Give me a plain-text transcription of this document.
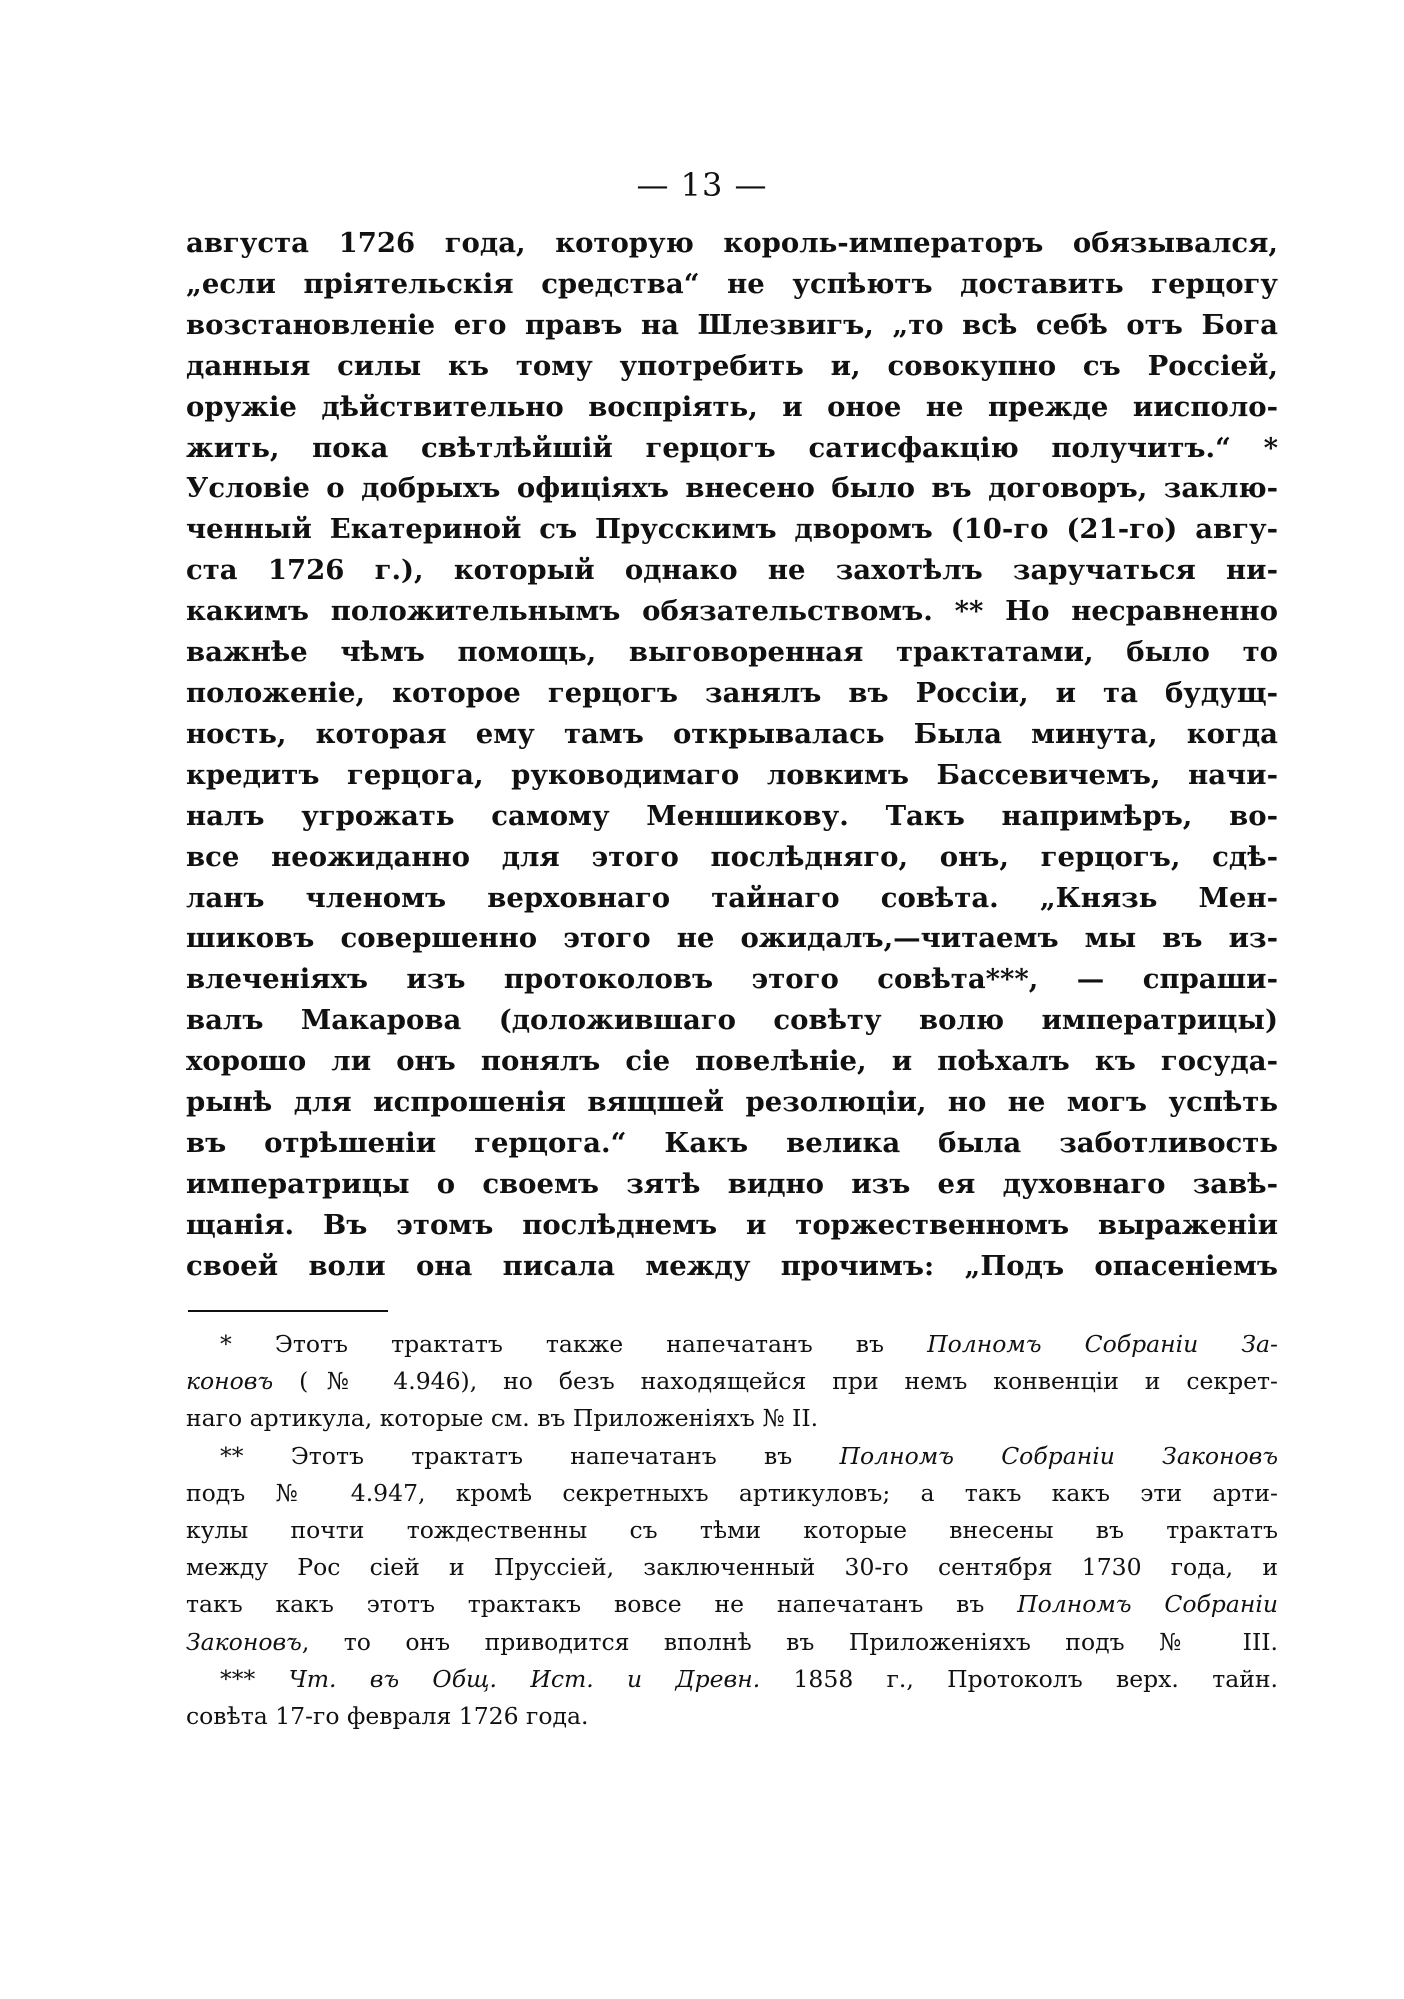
— 13 —
августа 1726 года, которую король-императоръ обязывался,
„если пріятельскія средства“ не успѣютъ доставить герцогу
возстановленіе его правъ на Шлезвигъ, „то всѣ себѣ отъ Бога
данныя силы къ тому употребить и, совокупно съ Россіей,
оружіе дѣйствительно воспріять, и оное не прежде иисполо-
жить, пока свѣтлѣйшій герцогъ сатисфакцію получитъ.“ *
Условіе о добрыхъ офиціяхъ внесено было въ договоръ, заклю-
ченный Екатериной съ Прусскимъ дворомъ (10-го (21-го) авгу-
ста 1726 г.), который однако не захотѣлъ заручаться ни-
какимъ положительнымъ обязательствомъ. ** Но несравненно
важнѣе чѣмъ помощь, выговоренная трактатами, было то
положеніе, которое герцогъ занялъ въ Россіи, и та будущ-
ность, которая ему тамъ открывалась Была минута, когда
кредитъ герцога, руководимаго ловкимъ Бассевичемъ, начи-
налъ угрожать самому Меншикову. Такъ напримѣръ, во-
все неожиданно для этого послѣдняго, онъ, герцогъ, сдѣ-
ланъ членомъ верховнаго тайнаго совѣта. „Князь Мен-
шиковъ совершенно этого не ожидалъ,—читаемъ мы въ из-
влеченіяхъ изъ протоколовъ этого совѣта***, — спраши-
валъ Макарова (доложившаго совѣту волю императрицы)
хорошо ли онъ понялъ сіе повелѣніе, и поѣхалъ къ госуда-
рынѣ для испрошенія вящшей резолюціи, но не могъ успѣть
въ отрѣшеніи герцога.“ Какъ велика была заботливость
императрицы о своемъ зятѣ видно изъ ея духовнаго завѣ-
щанія. Въ этомъ послѣднемъ и торжественномъ выраженіи
своей воли она писала между прочимъ: „Подъ опасеніемъ
* Этотъ трактатъ также напечатанъ въ Полномъ Собраніи За-
коновъ (№ 4.946), но безъ находящейся при немъ конвенціи и секрет-
наго артикула, которые см. въ Приложеніяхъ № II.
** Этотъ трактатъ напечатанъ въ Полномъ Собраніи Законовъ
подъ № 4.947, кромѣ секретныхъ артикуловъ; а такъ какъ эти арти-
кулы почти тождественны съ тѣми которые внесены въ трактатъ
между Рос сіей и Пруссіей, заключенный 30-го сентября 1730 года, и
такъ какъ этотъ трактакъ вовсе не напечатанъ въ Полномъ Собраніи
Законовъ, то онъ приводится вполнѣ въ Приложеніяхъ подъ № III.
*** Чт. въ Общ. Ист. и Древн. 1858 г., Протоколъ верх. тайн.
совѣта 17-го февраля 1726 года.
